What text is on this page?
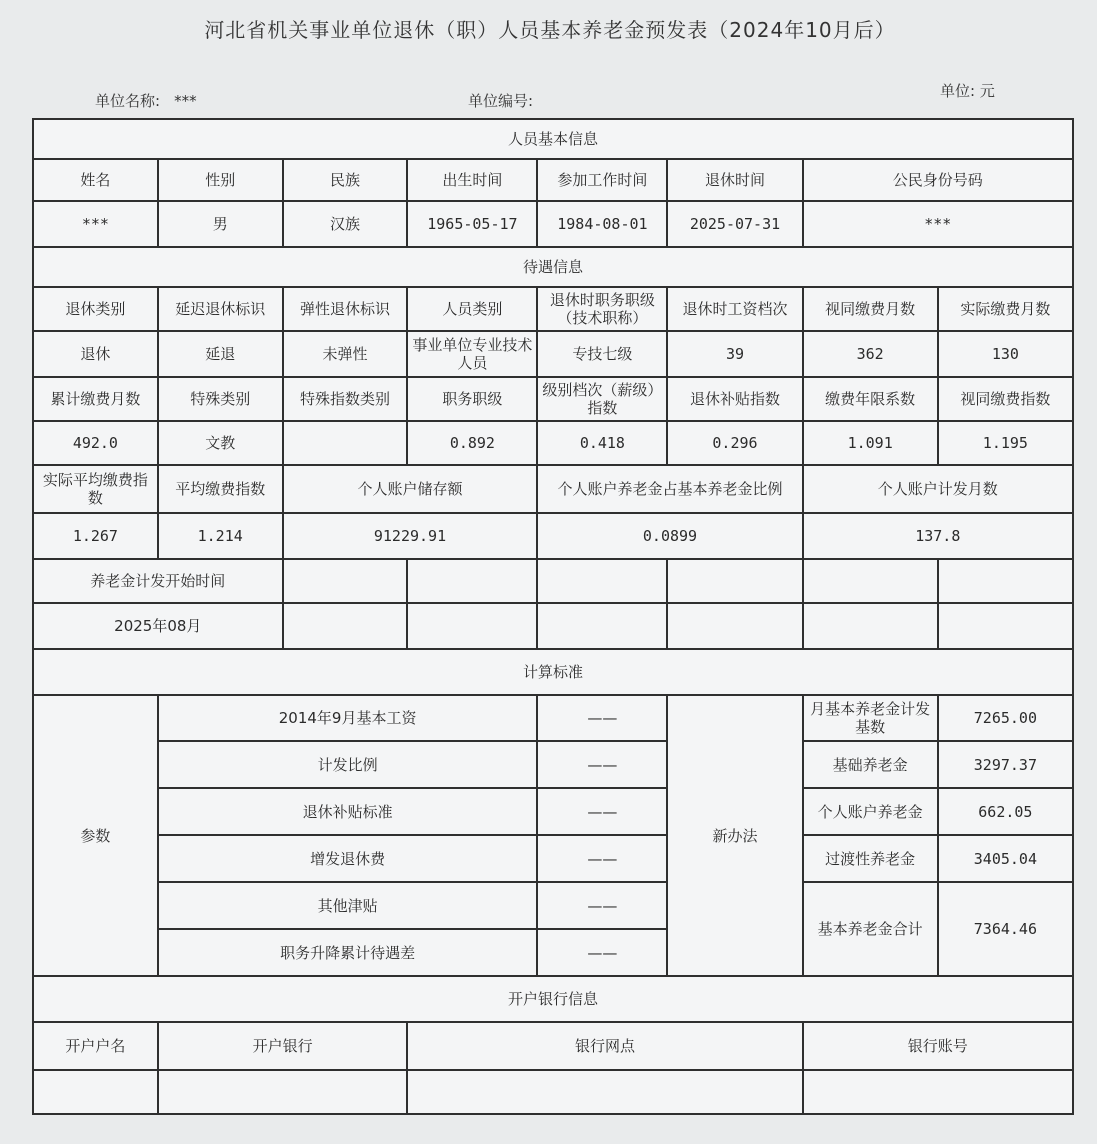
河北省机关事业单位退休（职）人员基本养老金预发表（2024年10月后）
单位名称: ***	单位编号:
单位: 元
人员基本信息							
姓名	性别	民族	出生时间	参加工作时间	退休时间	公民身份号码	
***	男	汉族	1965-05-17	1984-08-01	2025-07-31	***	
待遇信息							
退休类别	延迟退休标识	弹性退休标识	人员类别	退休时职务职级（技术职称）	退休时工资档次	视同缴费月数	实际缴费月数
退休	延退	未弹性	事业单位专业技术人员	专技七级	39	362	130
累计缴费月数	特殊类别	特殊指数类别	职务职级	级别档次（薪级）指数	退休补贴指数	缴费年限系数	视同缴费指数
492.0	文教		0.892	0.418	0.296	1.091	1.195
实际平均缴费指数	平均缴费指数	个人账户储存额		个人账户养老金占基本养老金比例		个人账户计发月数	
1.267	1.214	91229.91		0.0899		137.8	
养老金计发开始时间							
2025年08月							
计算标准							
参数	2014年9月基本工资			——	新办法	月基本养老金计发基数	7265.00
	计发比例			——		基础养老金	3297.37
	退休补贴标准			——		个人账户养老金	662.05
	增发退休费			——		过渡性养老金	3405.04
	其他津贴			——		基本养老金合计	7364.46
	职务升降累计待遇差			——			
开户银行信息							
开户户名	开户银行		银行网点			银行账号	
